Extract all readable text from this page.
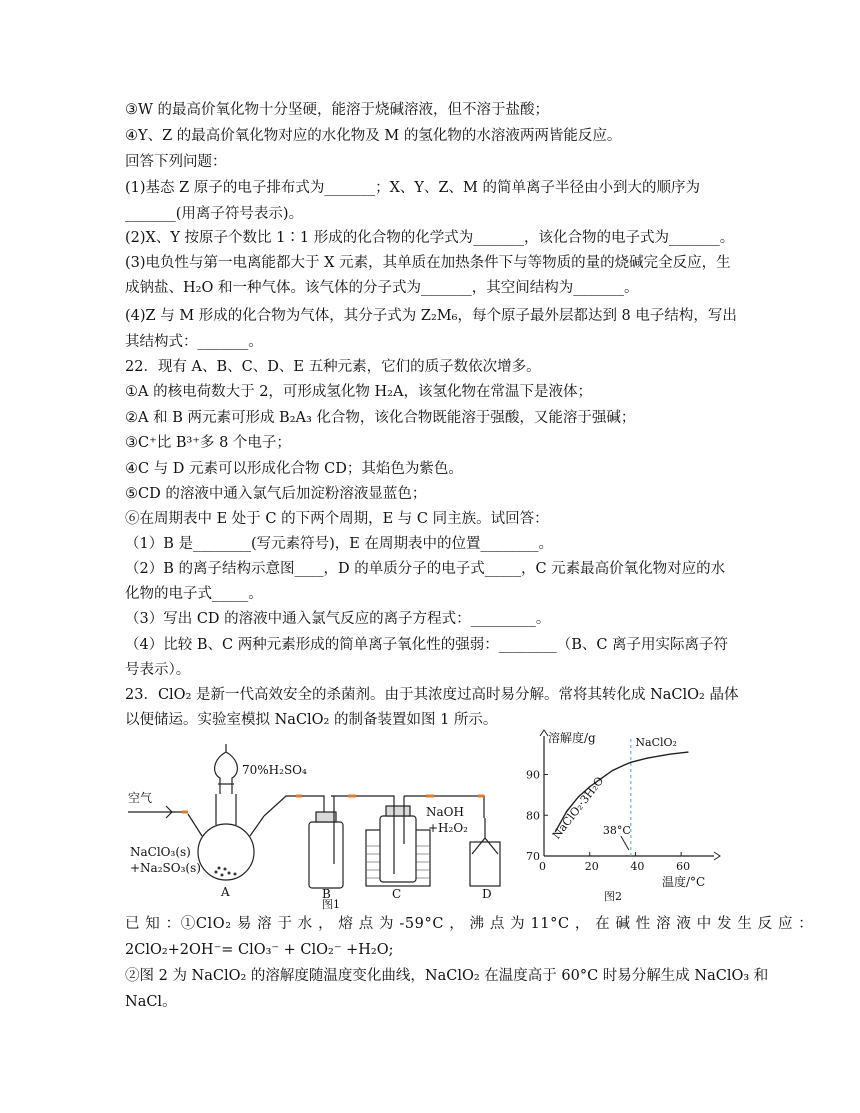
③W 的最高价氧化物十分坚硬，能溶于烧碱溶液，但不溶于盐酸；
④Y、Z 的最高价氧化物对应的水化物及 M 的氢化物的水溶液两两皆能反应。
回答下列问题：
(1)基态 Z 原子的电子排布式为_______；X、Y、Z、M 的简单离子半径由小到大的顺序为
_______(用离子符号表示)。
(2)X、Y 按原子个数比 1∶1 形成的化合物的化学式为_______，该化合物的电子式为_______。
(3)电负性与第一电离能都大于 X 元素，其单质在加热条件下与等物质的量的烧碱完全反应，生
成钠盐、H₂O 和一种气体。该气体的分子式为_______，其空间结构为_______。
(4)Z 与 M 形成的化合物为气体，其分子式为 Z₂M₆，每个原子最外层都达到 8 电子结构，写出
其结构式：_______。
22．现有 A、B、C、D、E 五种元素，它们的质子数依次增多。
①A 的核电荷数大于 2，可形成氢化物 H₂A，该氢化物在常温下是液体；
②A 和 B 两元素可形成 B₂A₃ 化合物，该化合物既能溶于强酸，又能溶于强碱；
③C⁺比 B³⁺多 8 个电子；
④C 与 D 元素可以形成化合物 CD；其焰色为紫色。
⑤CD 的溶液中通入氯气后加淀粉溶液显蓝色；
⑥在周期表中 E 处于 C 的下两个周期，E 与 C 同主族。试回答：
（1）B 是________(写元素符号)，E 在周期表中的位置________。
（2）B 的离子结构示意图____，D 的单质分子的电子式_____，C 元素最高价氧化物对应的水
化物的电子式_____。
（3）写出 CD 的溶液中通入氯气反应的离子方程式：_________。
（4）比较 B、C 两种元素形成的简单离子氧化性的强弱：________（B、C 离子用实际离子符
号表示）。
23．ClO₂ 是新一代高效安全的杀菌剂。由于其浓度过高时易分解。常将其转化成 NaClO₂ 晶体
以便储运。实验室模拟 NaClO₂ 的制备装置如图 1 所示。
70%H₂SO₄
空气
NaClO₃(s)
+Na₂SO₃(s)
NaOH
+H₂O₂
A	B	C	D
图1
溶解度/g
温度/°C
0	20	40	60
70
80
90
38°C
NaClO₂·3H₂O
NaClO₂
图2
已 知 ：①ClO₂ 易 溶 于 水 ， 熔 点 为 -59°C ， 沸 点 为 11°C ， 在 碱 性 溶 液 中 发 生 反 应 ：
2ClO₂+2OH⁻= ClO₃⁻ + ClO₂⁻ +H₂O;
②图 2 为 NaClO₂ 的溶解度随温度变化曲线，NaClO₂ 在温度高于 60°C 时易分解生成 NaClO₃ 和
NaCl。
